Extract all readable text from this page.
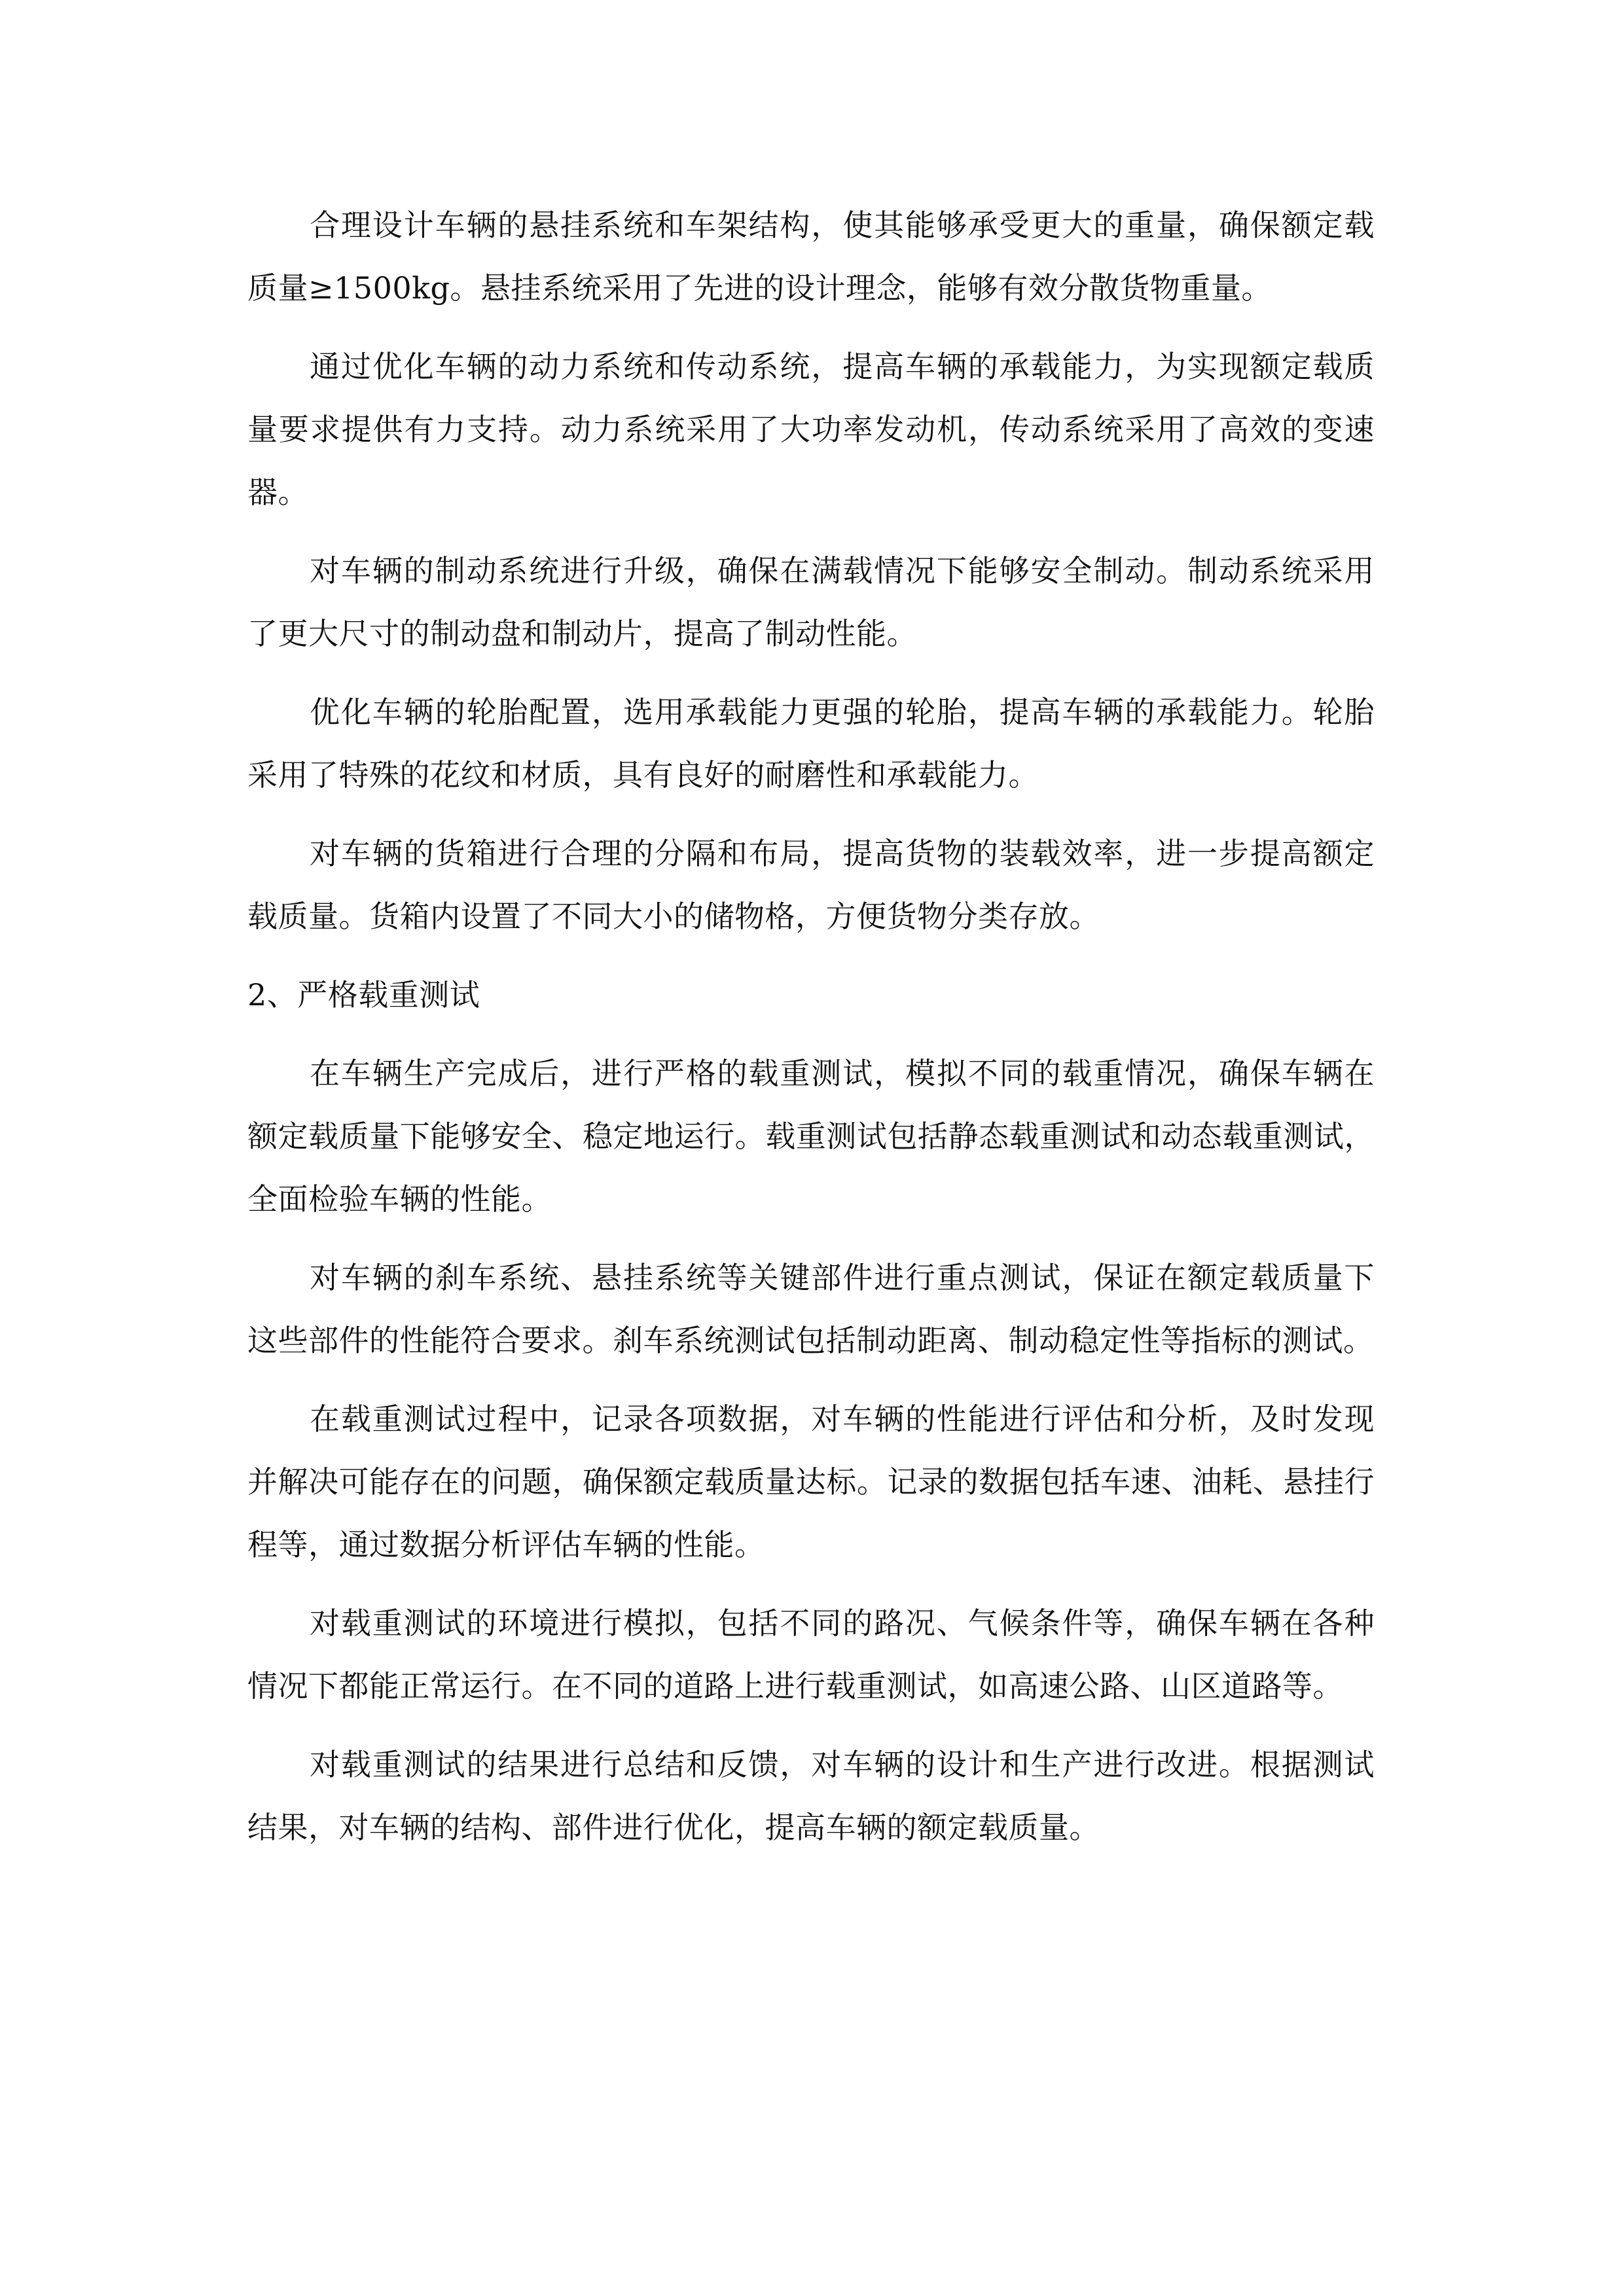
合理设计车辆的悬挂系统和车架结构，使其能够承受更大的重量，确保额定载质量≥1500kg。悬挂系统采用了先进的设计理念，能够有效分散货物重量。

通过优化车辆的动力系统和传动系统，提高车辆的承载能力，为实现额定载质量要求提供有力支持。动力系统采用了大功率发动机，传动系统采用了高效的变速器。

对车辆的制动系统进行升级，确保在满载情况下能够安全制动。制动系统采用了更大尺寸的制动盘和制动片，提高了制动性能。

优化车辆的轮胎配置，选用承载能力更强的轮胎，提高车辆的承载能力。轮胎采用了特殊的花纹和材质，具有良好的耐磨性和承载能力。

对车辆的货箱进行合理的分隔和布局，提高货物的装载效率，进一步提高额定载质量。货箱内设置了不同大小的储物格，方便货物分类存放。

2、严格载重测试

在车辆生产完成后，进行严格的载重测试，模拟不同的载重情况，确保车辆在额定载质量下能够安全、稳定地运行。载重测试包括静态载重测试和动态载重测试，全面检验车辆的性能。

对车辆的刹车系统、悬挂系统等关键部件进行重点测试，保证在额定载质量下这些部件的性能符合要求。刹车系统测试包括制动距离、制动稳定性等指标的测试。

在载重测试过程中，记录各项数据，对车辆的性能进行评估和分析，及时发现并解决可能存在的问题，确保额定载质量达标。记录的数据包括车速、油耗、悬挂行程等，通过数据分析评估车辆的性能。

对载重测试的环境进行模拟，包括不同的路况、气候条件等，确保车辆在各种情况下都能正常运行。在不同的道路上进行载重测试，如高速公路、山区道路等。

对载重测试的结果进行总结和反馈，对车辆的设计和生产进行改进。根据测试结果，对车辆的结构、部件进行优化，提高车辆的额定载质量。
